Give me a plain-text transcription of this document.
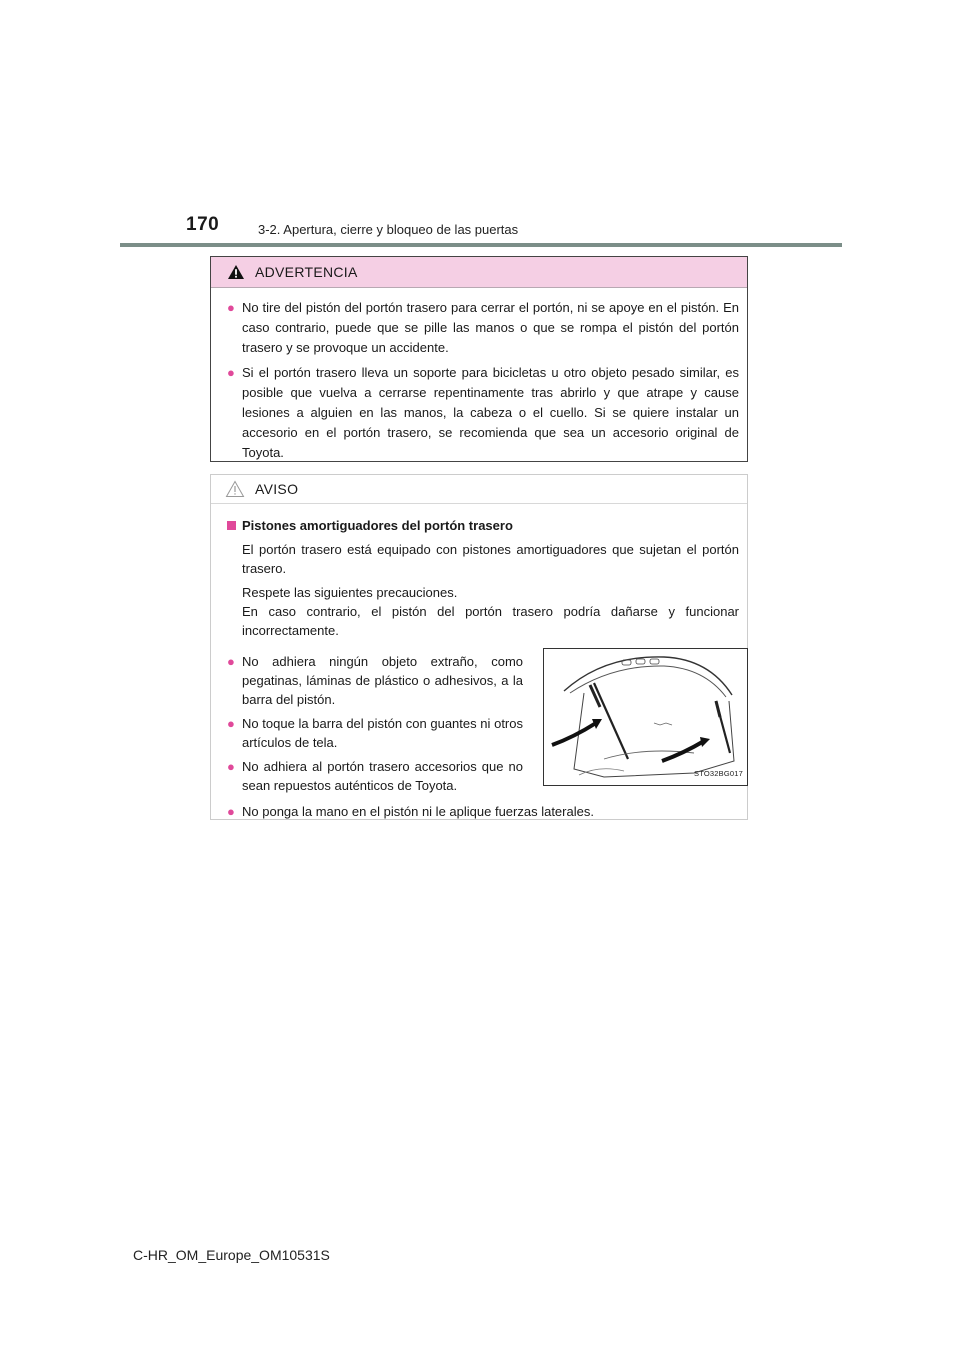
170	3-2. Apertura, cierre y bloqueo de las puertas
ADVERTENCIA
● No tire del pistón del portón trasero para cerrar el portón, ni se apoye en el pistón. En caso contrario, puede que se pille las manos o que se rompa el pistón del portón trasero y se provoque un accidente.
● Si el portón trasero lleva un soporte para bicicletas u otro objeto pesado similar, es posible que vuelva a cerrarse repentinamente tras abrirlo y que atrape y cause lesiones a alguien en las manos, la cabeza o el cuello. Si se quiere instalar un accesorio en el portón trasero, se recomienda que sea un accesorio original de Toyota.
AVISO
Pistones amortiguadores del portón trasero
El portón trasero está equipado con pistones amortiguadores que sujetan el portón trasero.
Respete las siguientes precauciones.
En caso contrario, el pistón del portón trasero podría dañarse y funcionar incorrectamente.
● No adhiera ningún objeto extraño, como pegatinas, láminas de plástico o adhesivos, a la barra del pistón.
● No toque la barra del pistón con guantes ni otros artículos de tela.
● No adhiera al portón trasero accesorios que no sean repuestos auténticos de Toyota.
STO32BG017
● No ponga la mano en el pistón ni le aplique fuerzas laterales.
C-HR_OM_Europe_OM10531S
